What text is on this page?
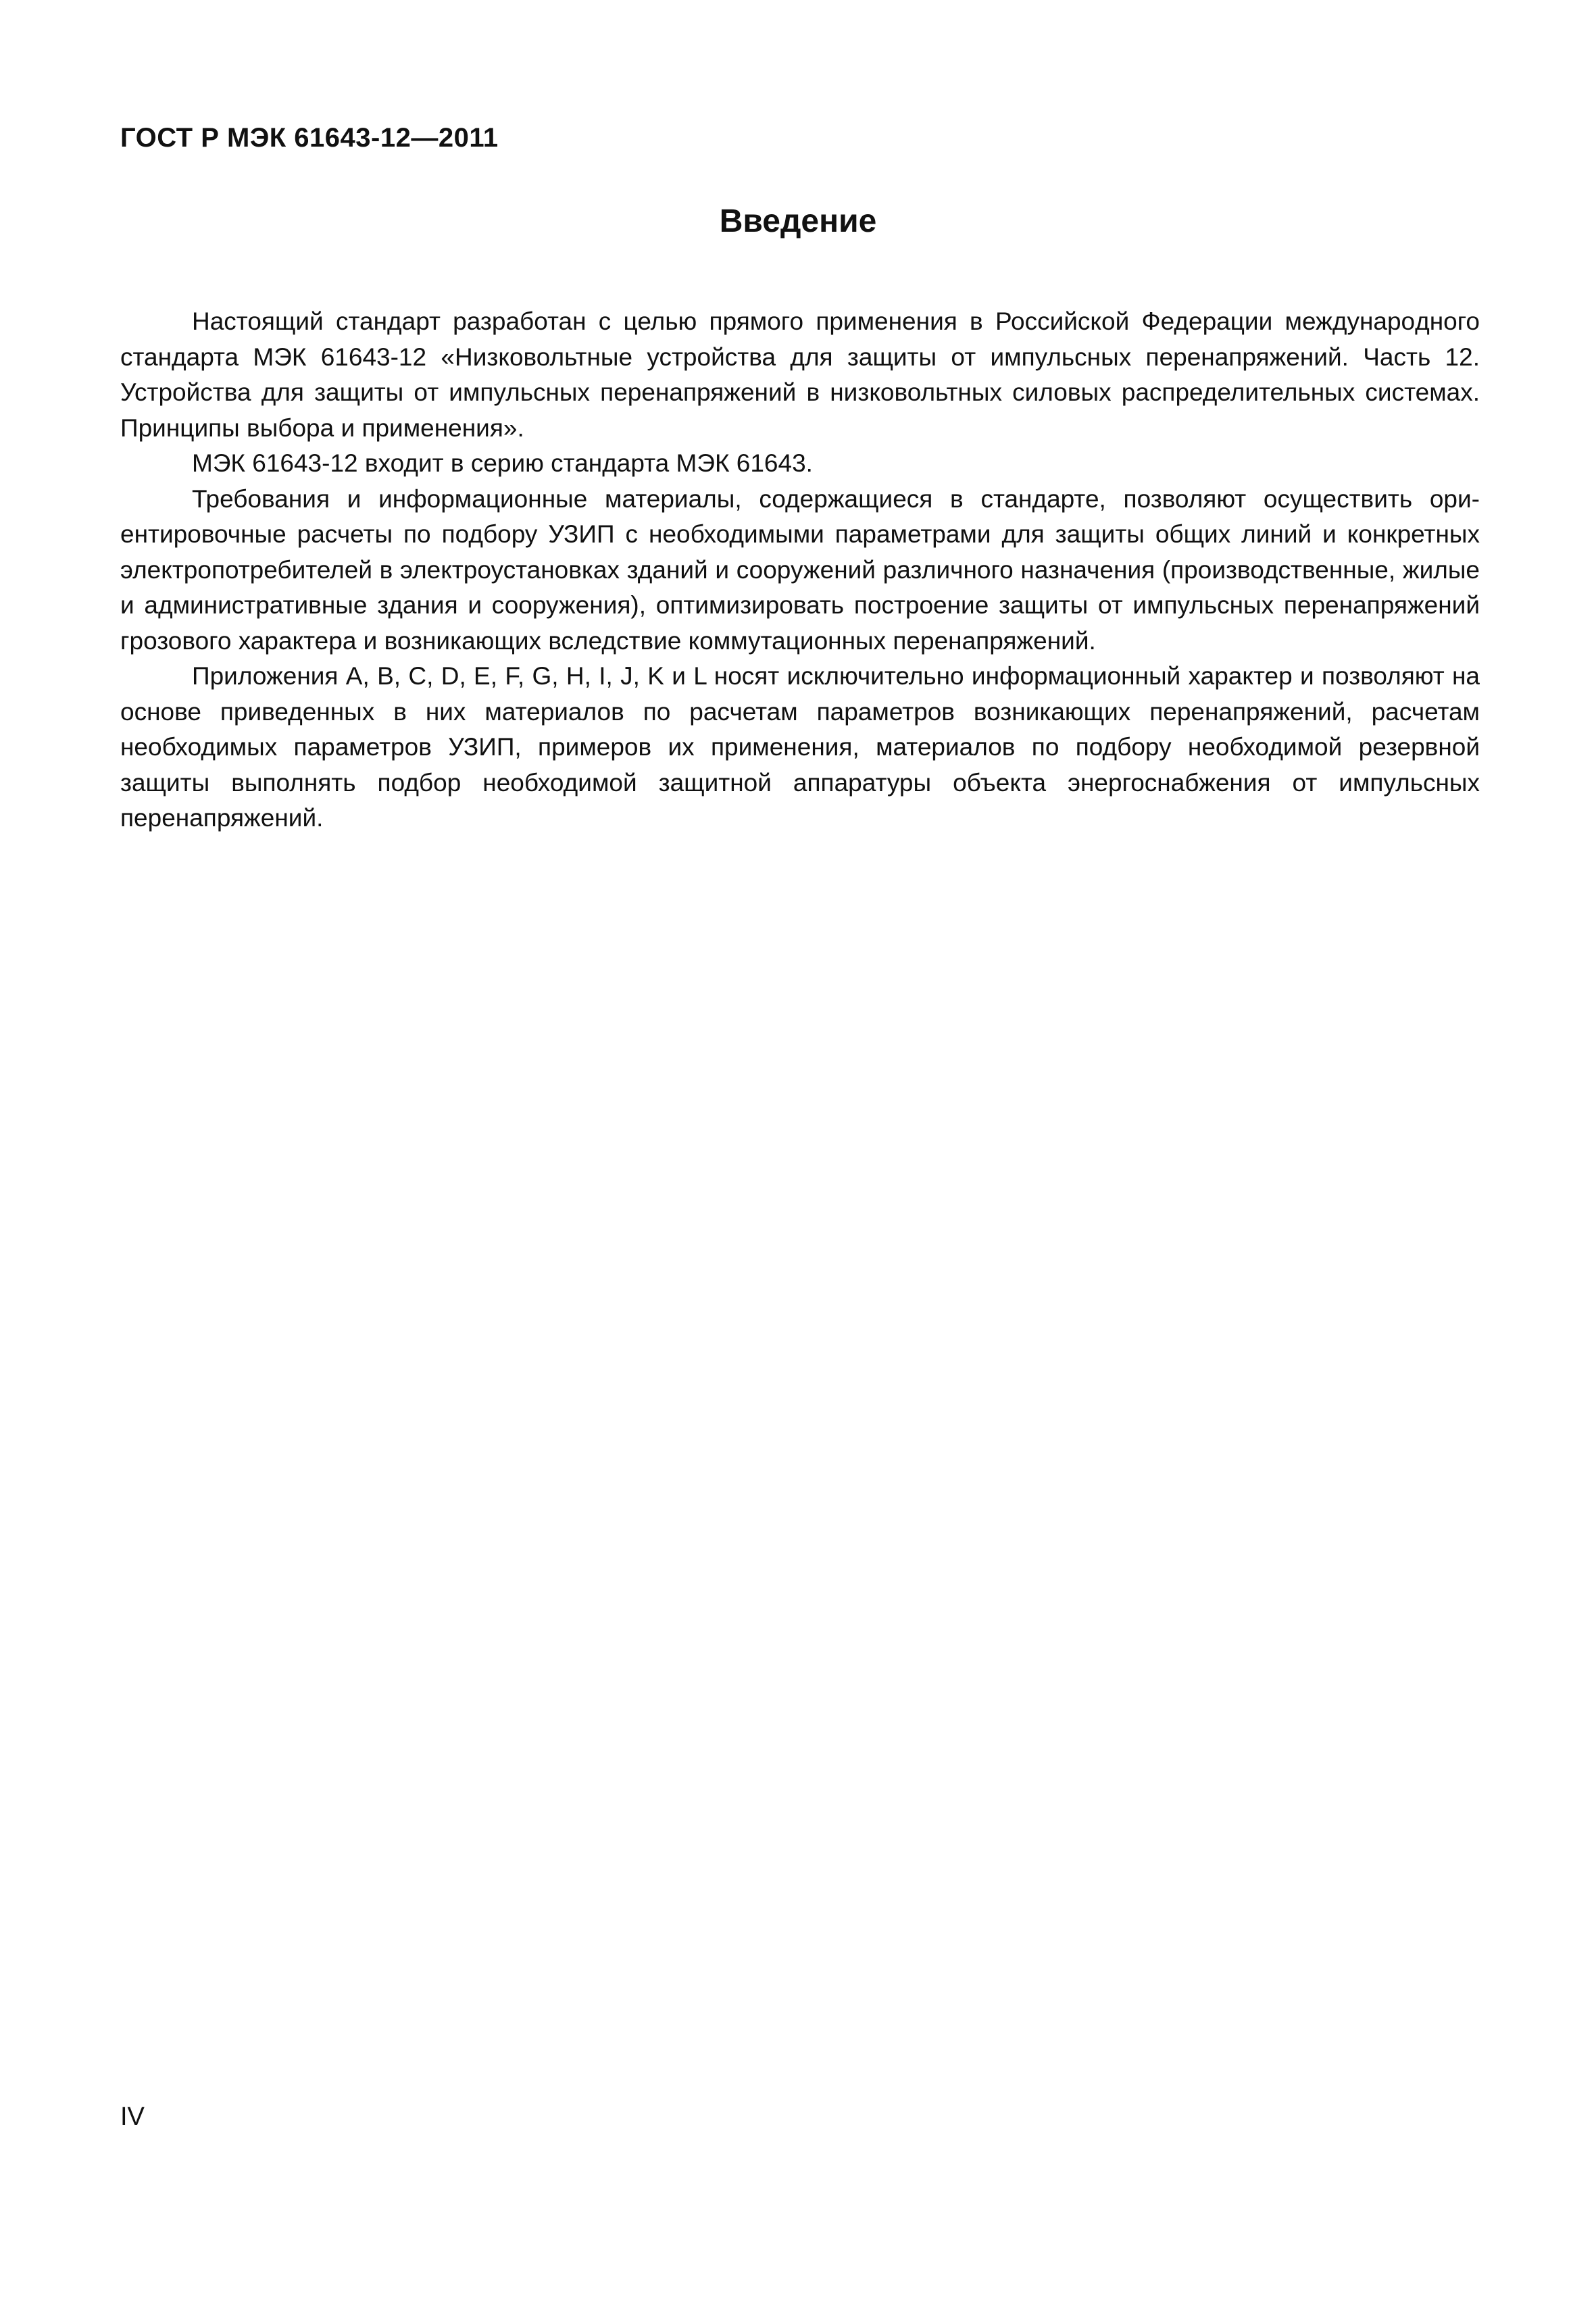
ГОСТ Р МЭК 61643-12—2011
Введение

Настоящий стандарт разработан с целью прямого применения в Российской Федерации междунарoдного стандарта МЭК 61643-12 «Низковольтные устройства для защиты от импульсных перенапряжений. Часть 12. Устройства для защиты от импульсных перенапряжений в низковольтных силовых распределительных системах. Принципы выбора и применения».

МЭК 61643-12 входит в серию стандарта МЭК 61643.

Требования и информационные материалы, содержащиеся в стандарте, позволяют осуществить ориентировочные расчеты по подбору УЗИП с необходимыми параметрами для защиты общих линий и конкретных электропотребителей в электроустановках зданий и сооружений различного назначения (производственные, жилые и административные здания и сооружения), оптимизировать построение защиты от импульсных перенапряжений грозового характера и возникающих вследствие коммутационных перенапряжений.

Приложения A, B, C, D, E, F, G, H, I, J, K и L носят исключительно информационный характер и позволяют на основе приведенных в них материалов по расчетам параметров возникающих перенапряжений, расчетам необходимых параметров УЗИП, примеров их применения, материалов по подбору необходимой резервной защиты выполнять подбор необходимой защитной аппаратуры объекта энергоснабжения от импульсных перенапряжений.

IV
